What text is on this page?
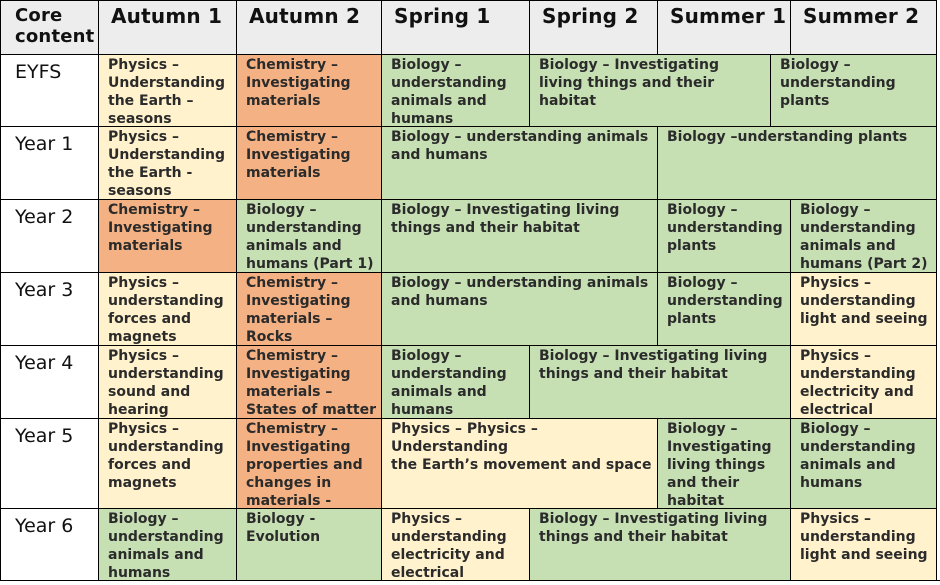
Core
content
Autumn 1 Autumn 2 Spring 1	Spring 2 Summer 1 Summer 2
EYFS	Physics –
Understanding
the Earth –
seasons
Chemistry –
Investigating
materials
Biology –
understanding
animals and
humans
Biology – Investigating
living things and their
habitat
Biology –
understanding plants
Year 1 Physics –
Understanding
the Earth -
seasons
Chemistry –
Investigating
materials
Biology – understanding animals
and humans
Biology –understanding plants
Year 2 Chemistry –
Investigating
materials
Biology –
understanding
animals and
humans (Part 1)
Biology – Investigating living
things and their habitat
Biology –
understanding
plants
Biology –
understanding
animals and
humans (Part 2)
Year 3 Physics –
understanding
forces and
magnets
Chemistry –
Investigating
materials – Rocks

Biology – understanding animals
and humans
Biology –
understanding
plants
Physics –
understanding
light and seeing
Year 4 Physics –
understanding
sound and
hearing
Chemistry –
Investigating
materials –
States of matter
Biology –
understanding
animals and
humans
Biology – Investigating living
things and their habitat
Physics –
understanding
electricity and
electrical
Year 5 Physics –
understanding
forces and
magnets
Chemistry –
Investigating
properties and
changes in
materials -
Physics – Physics – Understanding
the Earth’s movement and space
Biology –
Investigating
living things
and their
habitat
Biology –
understanding
animals and
humans
Year 6 Biology –
understanding
animals and
humans
Biology -
Evolution
Physics –
understanding
electricity and
electrical
Biology – Investigating living
things and their habitat
Physics –
understanding
light and seeing
